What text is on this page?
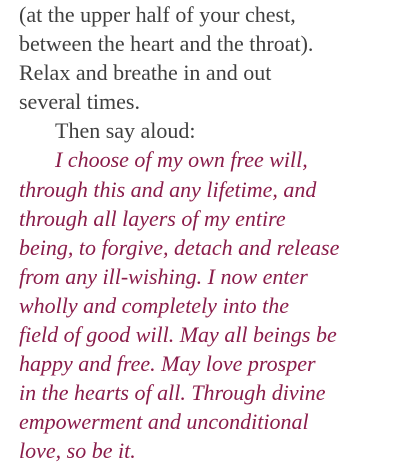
(at the upper half of your chest,
between the heart and the throat).
Relax and breathe in and out
several times.
Then say aloud:
I choose of my own free will,
through this and any lifetime, and
through all layers of my entire
being, to forgive, detach and release
from any ill-wishing. I now enter
wholly and completely into the
field of good will. May all beings be
happy and free. May love prosper
in the hearts of all. Through divine
empowerment and unconditional
love, so be it.
